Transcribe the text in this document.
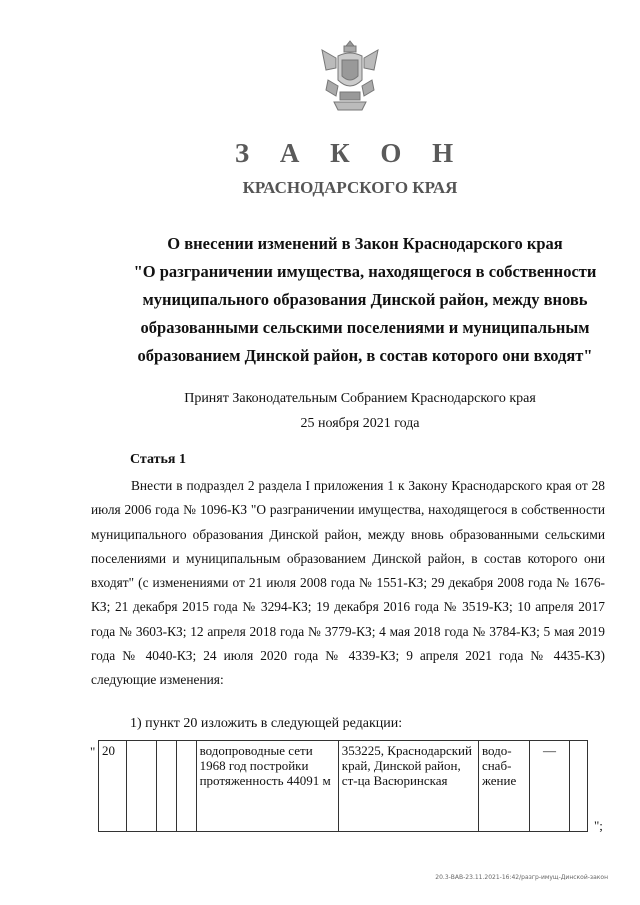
З А К О Н
КРАСНОДАРСКОГО КРАЯ
О внесении изменений в Закон Краснодарского края
"О разграничении имущества, находящегося в собственности
муниципального образования Динской район, между вновь
образованными сельскими поселениями и муниципальным
образованием Динской район, в состав которого они входят"
Принят Законодательным Собранием Краснодарского края
25 ноября 2021 года
Статья 1
Внести в подраздел 2 раздела I приложения 1 к Закону Краснодарского края от 28 июля 2006 года № 1096-КЗ "О разграничении имущества, находящегося в собственности муниципального образования Динской район, между вновь образованными сельскими поселениями и муниципальным образованием Динской район, в состав которого они входят" (с изменениями от 21 июля 2008 года № 1551-КЗ; 29 декабря 2008 года № 1676-КЗ; 21 декабря 2015 года № 3294-КЗ; 19 декабря 2016 года № 3519-КЗ; 10 апреля 2017 года № 3603-КЗ; 12 апреля 2018 года № 3779-КЗ; 4 мая 2018 года № 3784-КЗ; 5 мая 2019 года № 4040-КЗ; 24 июля 2020 года № 4339-КЗ; 9 апреля 2021 года № 4435-КЗ) следующие изменения:
1) пункт 20 изложить в следующей редакции:
" 20				водопроводные сети 1968 год постройки протяженность 44091 м	353225, Краснодарский край, Динской район, ст-ца Васюринская	водо-снаб-жение	—	
";
20.3-ВАВ-23.11.2021-16:42/разгр-имущ-Динской-закон
